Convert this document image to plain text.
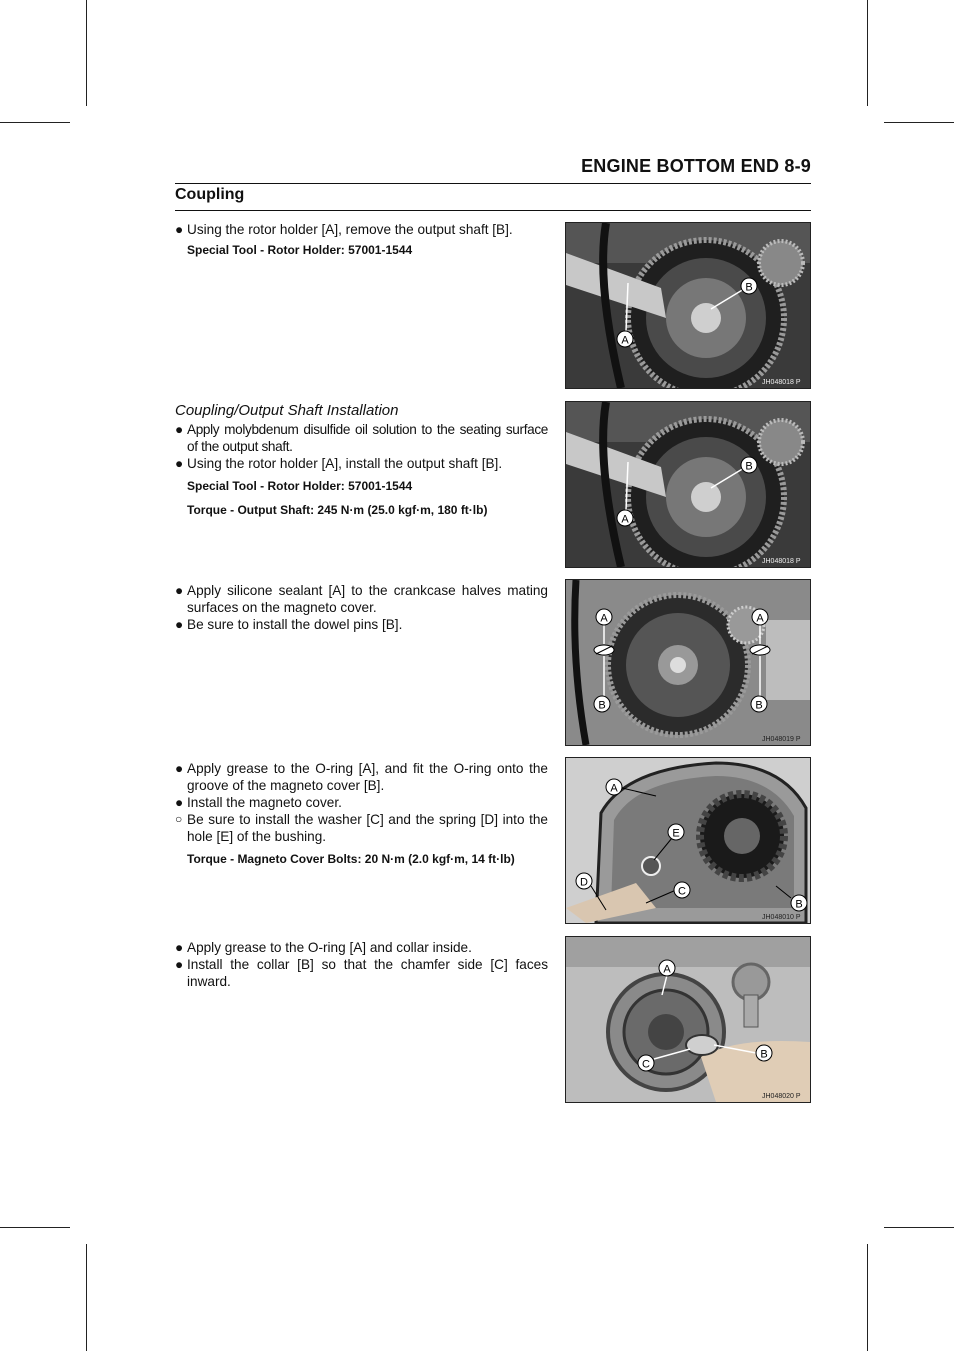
ENGINE BOTTOM END 8-9
Coupling
● Using the rotor holder [A], remove the output shaft [B].
Special Tool - Rotor Holder: 57001-1544
Coupling/Output Shaft Installation
● Apply molybdenum disulfide oil solution to the seating surface of the output shaft.
● Using the rotor holder [A], install the output shaft [B].
Special Tool - Rotor Holder: 57001-1544
Torque - Output Shaft: 245 N·m (25.0 kgf·m, 180 ft·lb)
● Apply silicone sealant [A] to the crankcase halves mating surfaces on the magneto cover.
● Be sure to install the dowel pins [B].
● Apply grease to the O-ring [A], and fit the O-ring onto the groove of the magneto cover [B].
● Install the magneto cover.
○ Be sure to install the washer [C] and the spring [D] into the hole [E] of the bushing.
Torque - Magneto Cover Bolts: 20 N·m (2.0 kgf·m, 14 ft·lb)
● Apply grease to the O-ring [A] and collar inside.
● Install the collar [B] so that the chamfer side [C] faces inward.
A
B
JH048018 P
A
B
JH048018 P
A	A
B	B
JH048019 P
A
E
D
C
B
JH048010 P
A
B
C
JH048020 P
